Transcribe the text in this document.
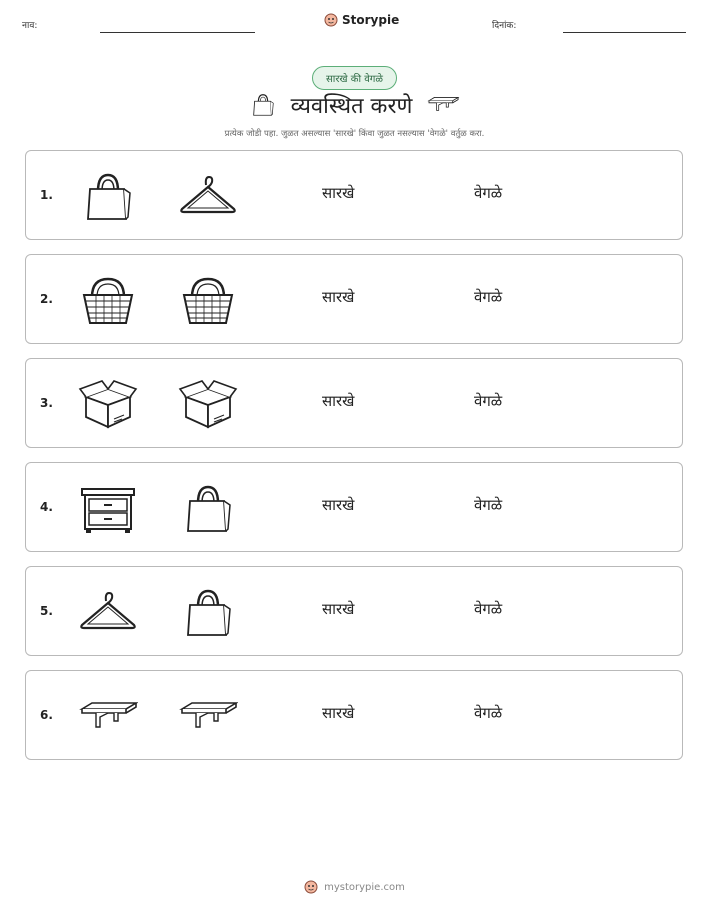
नाव:	Storypie	दिनांक:
सारखे की वेगळे
व्यवस्थित करणे
प्रत्येक जोडी पहा. जुळत असल्यास 'सारखे' किंवा जुळत नसल्यास 'वेगळे' वर्तुळ करा.
1.	सारखे	वेगळे
2.	सारखे	वेगळे
3.	सारखे	वेगळे
4.	सारखे	वेगळे
5.	सारखे	वेगळे
6.	सारखे	वेगळे
mystorypie.com
